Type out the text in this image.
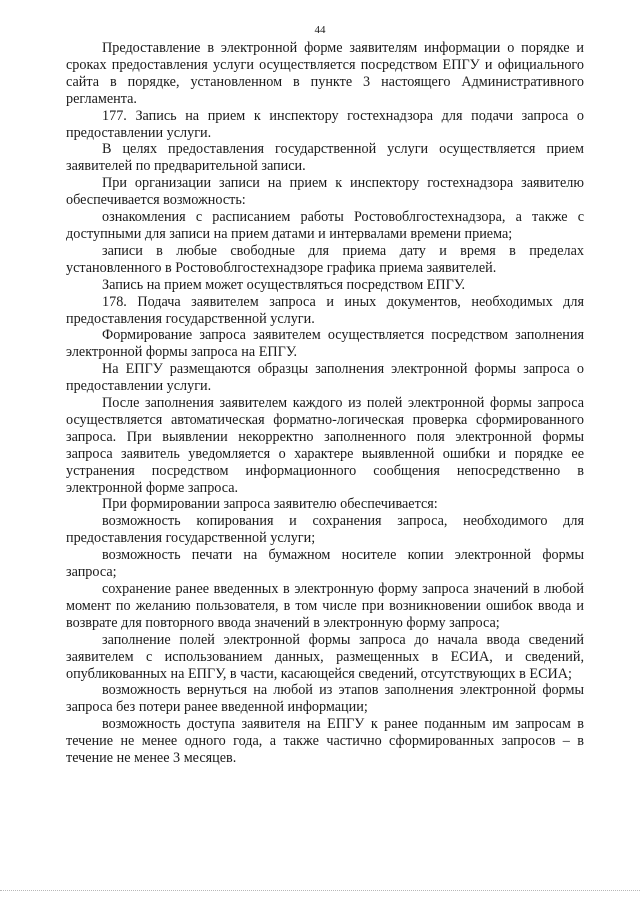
44

Предоставление в электронной форме заявителям информации о порядке и сроках предоставления услуги осуществляется посредством ЕПГУ и официального сайта в порядке, установленном в пункте 3 настоящего Административного регламента.

177. Запись на прием к инспектору гостехнадзора для подачи запроса о предоставлении услуги.

В целях предоставления государственной услуги осуществляется прием заявителей по предварительной записи.

При организации записи на прием к инспектору гостехнадзора заявителю обеспечивается возможность:

ознакомления с расписанием работы Ростовоблгостехнадзора, а также с доступными для записи на прием датами и интервалами времени приема;

записи в любые свободные для приема дату и время в пределах установленного в Ростовоблгостехнадзоре графика приема заявителей.

Запись на прием может осуществляться посредством ЕПГУ.

178. Подача заявителем запроса и иных документов, необходимых для предоставления государственной услуги.

Формирование запроса заявителем осуществляется посредством заполнения электронной формы запроса на ЕПГУ.

На ЕПГУ размещаются образцы заполнения электронной формы запроса о предоставлении услуги.

После заполнения заявителем каждого из полей электронной формы запроса осуществляется автоматическая форматно-логическая проверка сформированного запроса. При выявлении некорректно заполненного поля электронной формы запроса заявитель уведомляется о характере выявленной ошибки и порядке ее устранения посредством информационного сообщения непосредственно в электронной форме запроса.

При формировании запроса заявителю обеспечивается:

возможность копирования и сохранения запроса, необходимого для предоставления государственной услуги;

возможность печати на бумажном носителе копии электронной формы запроса;

сохранение ранее введенных в электронную форму запроса значений в любой момент по желанию пользователя, в том числе при возникновении ошибок ввода и возврате для повторного ввода значений в электронную форму запроса;

заполнение полей электронной формы запроса до начала ввода сведений заявителем с использованием данных, размещенных в ЕСИА, и сведений, опубликованных на ЕПГУ, в части, касающейся сведений, отсутствующих в ЕСИА;

возможность вернуться на любой из этапов заполнения электронной формы запроса без потери ранее введенной информации;

возможность доступа заявителя на ЕПГУ к ранее поданным им запросам в течение не менее одного года, а также частично сформированных запросов – в течение не менее 3 месяцев.
